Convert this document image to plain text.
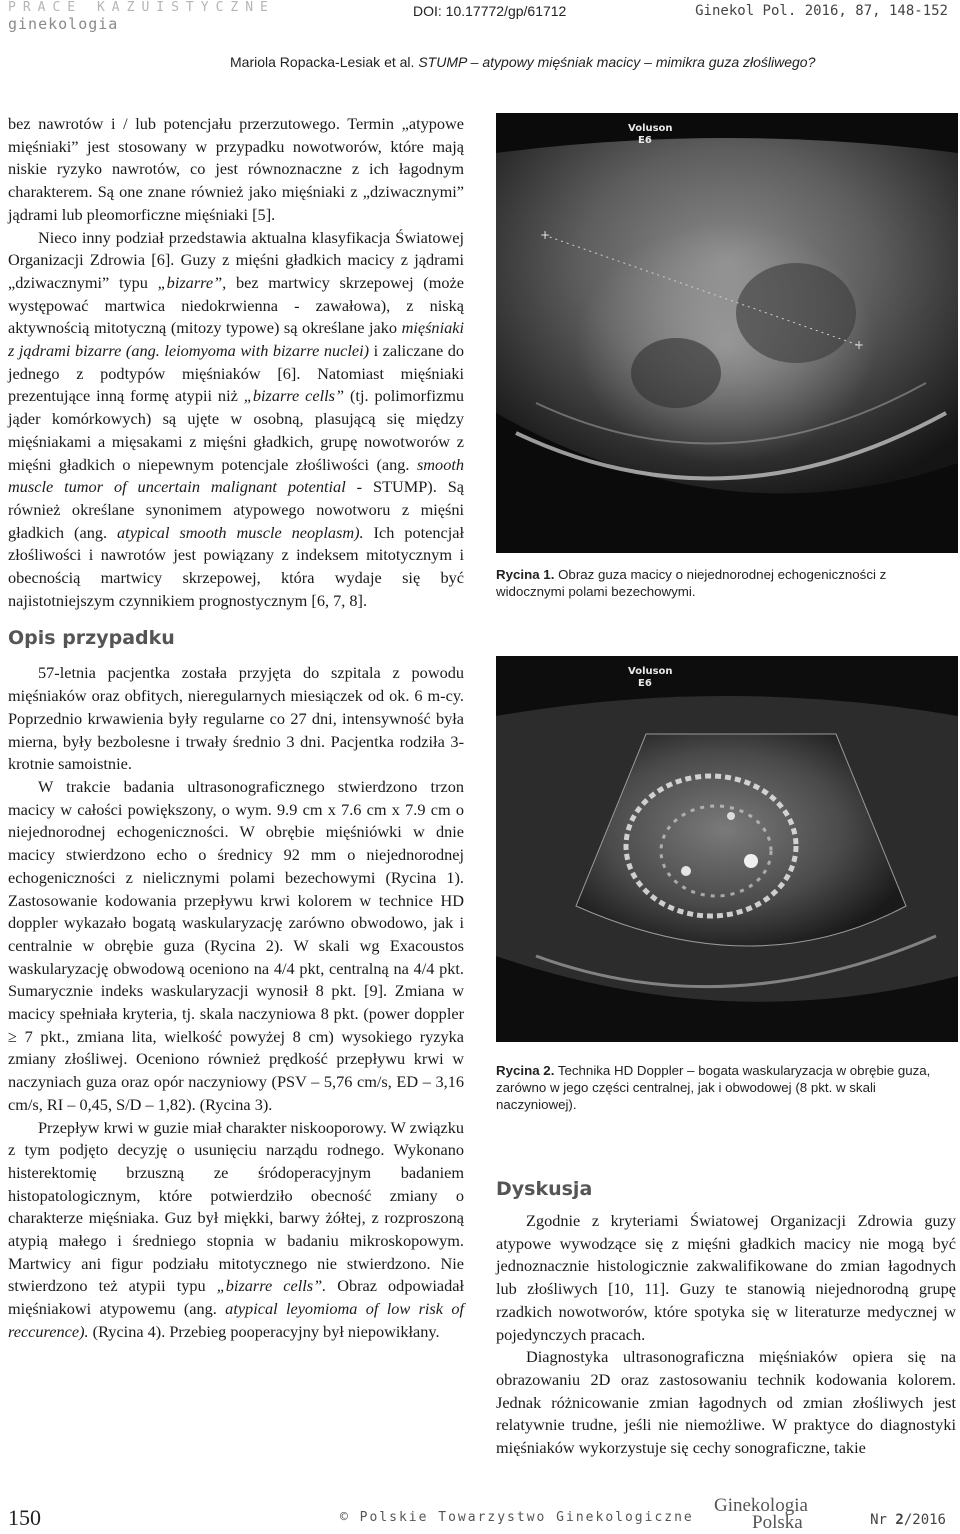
PRACE KAZUISTYCZNE
ginekologia
DOI: 10.17772/gp/61712	Ginekol Pol. 2016, 87, 148-152
Mariola Ropacka-Lesiak et al. STUMP – atypowy mięśniak macicy – mimikra guza złośliwego?

bez nawrotów i / lub potencjału przerzutowego. Termin „atypowe mięśniaki” jest stosowany w przypadku nowotworów, które mają niskie ryzyko nawrotów, co jest równoznaczne z ich łagodnym charakterem. Są one znane również jako mięśniaki z „dziwacznymi” jądrami lub pleomorficzne mięśniaki [5].

Nieco inny podział przedstawia aktualna klasyfikacja Światowej Organizacji Zdrowia [6]. Guzy z mięśni gładkich macicy z jądrami „dziwacznymi” typu „bizarre”, bez martwicy skrzepowej (może występować martwica niedokrwienna - zawałowa), z niską aktywnością mitotyczną (mitozy typowe) są określane jako mięśniaki z jądrami bizarre (ang. leiomyoma with bizarre nuclei) i zaliczane do jednego z podtypów mięśniaków [6]. Natomiast mięśniaki prezentujące inną formę atypii niż „bizarre cells” (tj. polimorfizmu jąder komórkowych) są ujęte w osobną, plasującą się między mięśniakami a mięsakami z mięśni gładkich, grupę nowotworów z mięśni gładkich o niepewnym potencjale złośliwości (ang. smooth muscle tumor of uncertain malignant potential - STUMP). Są również określane synonimem atypowego nowotworu z mięśni gładkich (ang. atypical smooth muscle neoplasm). Ich potencjał złośliwości i nawrotów jest powiązany z indeksem mitotycznym i obecnością martwicy skrzepowej, która wydaje się być najistotniejszym czynnikiem prognostycznym [6, 7, 8].

Opis przypadku

57-letnia pacjentka została przyjęta do szpitala z powodu mięśniaków oraz obfitych, nieregularnych miesiączek od ok. 6 m-cy. Poprzednio krwawienia były regularne co 27 dni, intensywność była mierna, były bezbolesne i trwały średnio 3 dni. Pacjentka rodziła 3-krotnie samoistnie.

W trakcie badania ultrasonograficznego stwierdzono trzon macicy w całości powiększony, o wym. 9.9 cm x 7.6 cm x 7.9 cm o niejednorodnej echogeniczności. W obrębie mięśniówki w dnie macicy stwierdzono echo o średnicy 92 mm o niejednorodnej echogeniczności z nielicznymi polami bezechowymi (Rycina 1). Zastosowanie kodowania przepływu krwi kolorem w technice HD doppler wykazało bogatą waskularyzację zarówno obwodowo, jak i centralnie w obrębie guza (Rycina 2). W skali wg Exacoustos waskularyzację obwodową oceniono na 4/4 pkt, centralną na 4/4 pkt. Sumarycznie indeks waskularyzacji wynosił 8 pkt. [9]. Zmiana w macicy spełniała kryteria, tj. skala naczyniowa 8 pkt. (power doppler ≥ 7 pkt., zmiana lita, wielkość powyżej 8 cm) wysokiego ryzyka zmiany złośliwej. Oceniono również prędkość przepływu krwi w naczyniach guza oraz opór naczyniowy (PSV – 5,76 cm/s, ED – 3,16 cm/s, RI – 0,45, S/D – 1,82). (Rycina 3).

Przepływ krwi w guzie miał charakter niskooporowy. W związku z tym podjęto decyzję o usunięciu narządu rodnego. Wykonano histerektomię brzuszną ze śródoperacyjnym badaniem histopatologicznym, które potwierdziło obecność zmiany o charakterze mięśniaka. Guz był miękki, barwy żółtej, z rozproszoną atypią małego i średniego stopnia w badaniu mikroskopowym. Martwicy ani figur podziału mitotycznego nie stwierdzono. Nie stwierdzono też atypii typu „bizarre cells”. Obraz odpowiadał mięśniakowi atypowemu (ang. atypical leyomioma of low risk of reccurence). (Rycina 4). Przebieg pooperacyjny był niepowikłany.

+
+
Voluson
E6
Rycina 1. Obraz guza macicy o niejednorodnej echogeniczności z widocznymi polami bezechowymi.
Voluson
E6
Rycina 2. Technika HD Doppler – bogata waskularyzacja w obrębie guza, zarówno w jego części centralnej, jak i obwodowej (8 pkt. w skali naczyniowej).
Dyskusja

Zgodnie z kryteriami Światowej Organizacji Zdrowia guzy atypowe wywodzące się z mięśni gładkich macicy nie mogą być jednoznacznie histologicznie zakwalifikowane do zmian łagodnych lub złośliwych [10, 11]. Guzy te stanowią niejednorodną grupę rzadkich nowotworów, które spotyka się w literaturze medycznej w pojedynczych pracach.

Diagnostyka ultrasonograficzna mięśniaków opiera się na obrazowaniu 2D oraz zastosowaniu technik kodowania kolorem. Jednak różnicowanie zmian łagodnych od zmian złośliwych jest relatywnie trudne, jeśli nie niemożliwe. W praktyce do diagnostyki mięśniaków wykorzystuje się cechy sonograficzne, takie

150	© Polskie Towarzystwo Ginekologiczne
Ginekologia
Polska	Nr 2/2016
